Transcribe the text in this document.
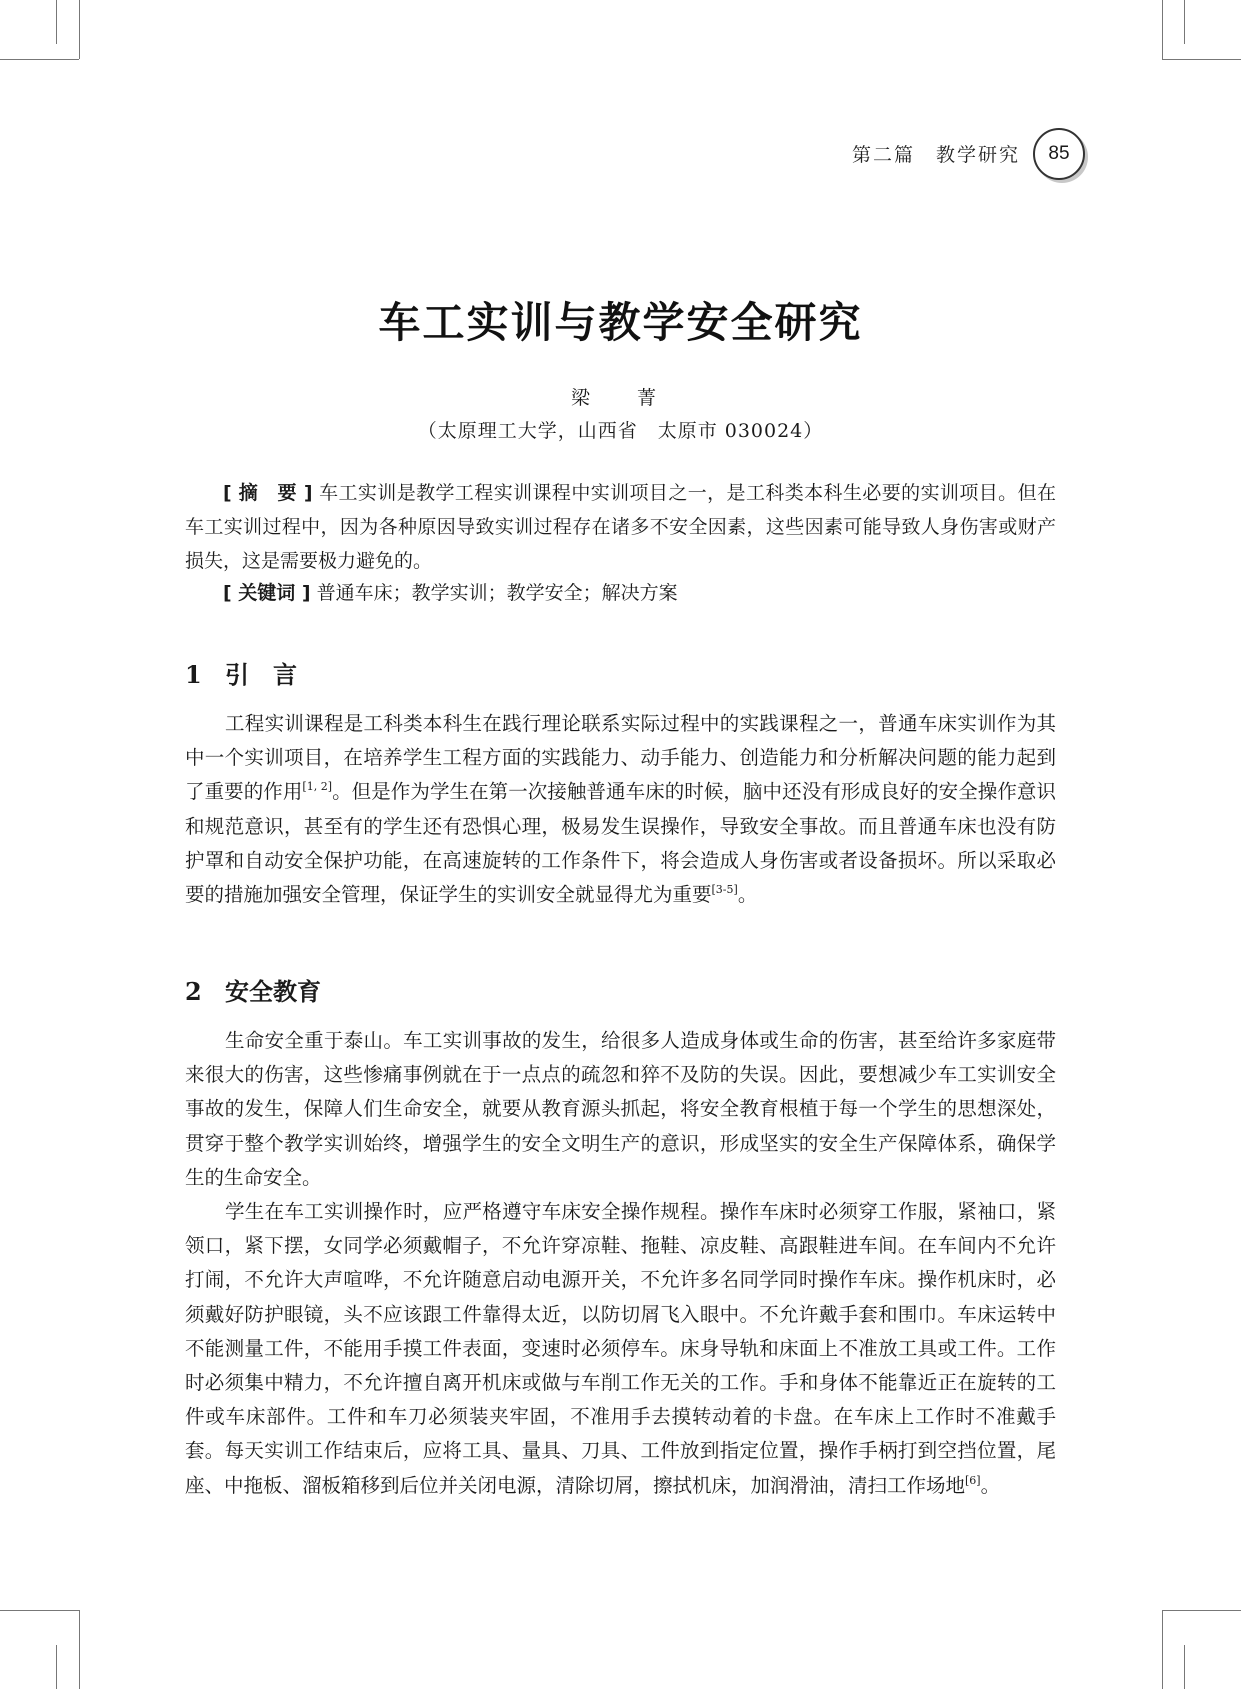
第二篇　教学研究 85
车工实训与教学安全研究
梁　菁
（太原理工大学，山西省　太原市 030024）

[ 摘　要 ] 车工实训是教学工程实训课程中实训项目之一，是工科类本科生必要的实训项目。但在车工实训过程中，因为各种原因导致实训过程存在诸多不安全因素，这些因素可能导致人身伤害或财产损失，这是需要极力避免的。

[ 关键词 ] 普通车床；教学实训；教学安全；解决方案
1 引　言

工程实训课程是工科类本科生在践行理论联系实际过程中的实践课程之一，普通车床实训作为其中一个实训项目，在培养学生工程方面的实践能力、动手能力、创造能力和分析解决问题的能力起到了重要的作用[1, 2]。但是作为学生在第一次接触普通车床的时候，脑中还没有形成良好的安全操作意识和规范意识，甚至有的学生还有恐惧心理，极易发生误操作，导致安全事故。而且普通车床也没有防护罩和自动安全保护功能，在高速旋转的工作条件下，将会造成人身伤害或者设备损坏。所以采取必要的措施加强安全管理，保证学生的实训安全就显得尤为重要[3-5]。

2 安全教育

生命安全重于泰山。车工实训事故的发生，给很多人造成身体或生命的伤害，甚至给许多家庭带来很大的伤害，这些惨痛事例就在于一点点的疏忽和猝不及防的失误。因此，要想减少车工实训安全事故的发生，保障人们生命安全，就要从教育源头抓起，将安全教育根植于每一个学生的思想深处，贯穿于整个教学实训始终，增强学生的安全文明生产的意识，形成坚实的安全生产保障体系，确保学生的生命安全。

学生在车工实训操作时，应严格遵守车床安全操作规程。操作车床时必须穿工作服，紧袖口，紧领口，紧下摆，女同学必须戴帽子，不允许穿凉鞋、拖鞋、凉皮鞋、高跟鞋进车间。在车间内不允许打闹，不允许大声喧哗，不允许随意启动电源开关，不允许多名同学同时操作车床。操作机床时，必须戴好防护眼镜，头不应该跟工件靠得太近，以防切屑飞入眼中。不允许戴手套和围巾。车床运转中不能测量工件，不能用手摸工件表面，变速时必须停车。床身导轨和床面上不准放工具或工件。工作时必须集中精力，不允许擅自离开机床或做与车削工作无关的工作。手和身体不能靠近正在旋转的工件或车床部件。工件和车刀必须装夹牢固，不准用手去摸转动着的卡盘。在车床上工作时不准戴手套。每天实训工作结束后，应将工具、量具、刀具、工件放到指定位置，操作手柄打到空挡位置，尾座、中拖板、溜板箱移到后位并关闭电源，清除切屑，擦拭机床，加润滑油，清扫工作场地[6]。
